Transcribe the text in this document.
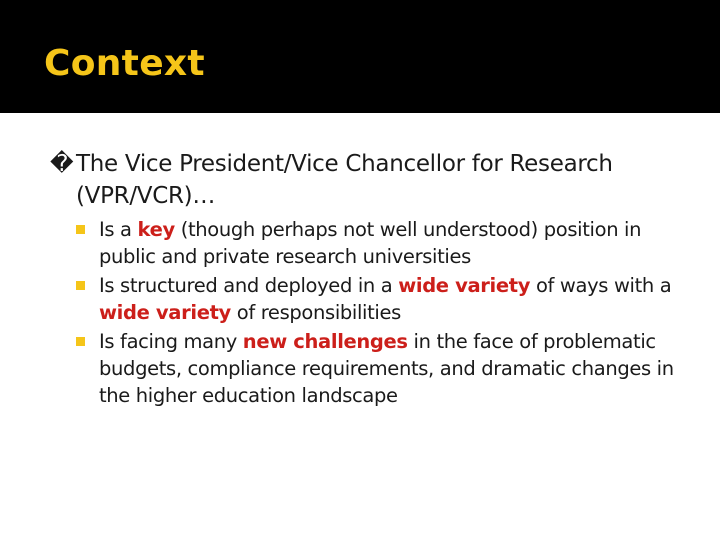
Context
� The Vice President/Vice Chancellor for Research (VPR/VCR)…
Is a key (though perhaps not well understood) position in public and private research universities
Is structured and deployed in a wide variety of ways with a wide variety of responsibilities
Is facing many new challenges in the face of problematic budgets, compliance requirements, and dramatic changes in the higher education landscape
